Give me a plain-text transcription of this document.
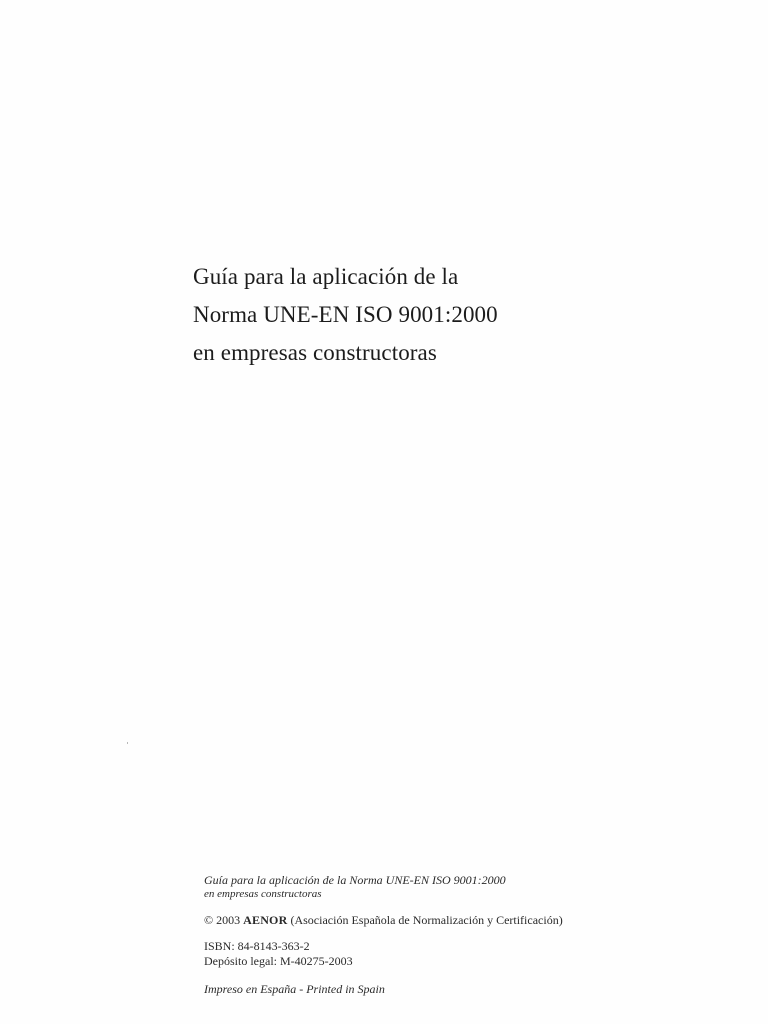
Guía para la aplicación de la
Norma UNE-EN ISO 9001:2000
en empresas constructoras
Guía para la aplicación de la Norma UNE-EN ISO 9001:2000
en empresas constructoras
© 2003 AENOR (Asociación Española de Normalización y Certificación)
ISBN: 84-8143-363-2
Depósito legal: M-40275-2003
Impreso en España - Printed in Spain
